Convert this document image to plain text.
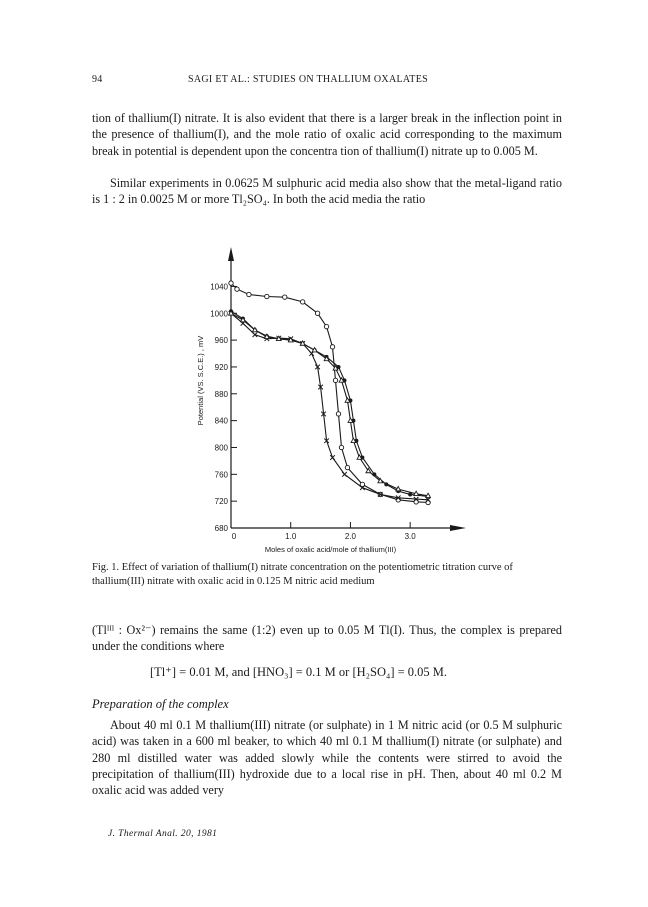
94	SAGI ET AL.: STUDIES ON THALLIUM OXALATES

tion of thallium(I) nitrate. It is also evident that there is a larger break in the inflection point in the presence of thallium(I), and the mole ratio of oxalic acid corresponding to the maximum break in potential is dependent upon the concentra tion of thallium(I) nitrate up to 0.005 M.

Similar experiments in 0.0625 M sulphuric acid media also show that the metal-ligand ratio is 1 : 2 in 0.0025 M or more Tl₂SO₄. In both the acid media the ratio

680
720
760
800
840
880
920
960
1000
1040
0	1.0	2.0	3.0
Moles of oxalic acid/mole of thallium(III)
Potential (VS. S.C.E.) , mV
Fig. 1. Effect of variation of thallium(I) nitrate concentration on the potentiometric titration curve of thallium(III) nitrate with oxalic acid in 0.125 M nitric acid medium

(Tlᴵᴵᴵ : Ox²⁻) remains the same (1:2) even up to 0.05 M Tl(I). Thus, the complex is prepared under the conditions where

[Tl⁺] = 0.01 M, and [HNO₃] = 0.1 M or [H₂SO₄] = 0.05 M.
Preparation of the complex

About 40 ml 0.1 M thallium(III) nitrate (or sulphate) in 1 M nitric acid (or 0.5 M sulphuric acid) was taken in a 600 ml beaker, to which 40 ml 0.1 M thallium(I) nitrate (or sulphate) and 280 ml distilled water was added slowly while the contents were stirred to avoid the precipitation of thallium(III) hydroxide due to a local rise in pH. Then, about 40 ml 0.2 M oxalic acid was added very

J. Thermal Anal. 20, 1981
